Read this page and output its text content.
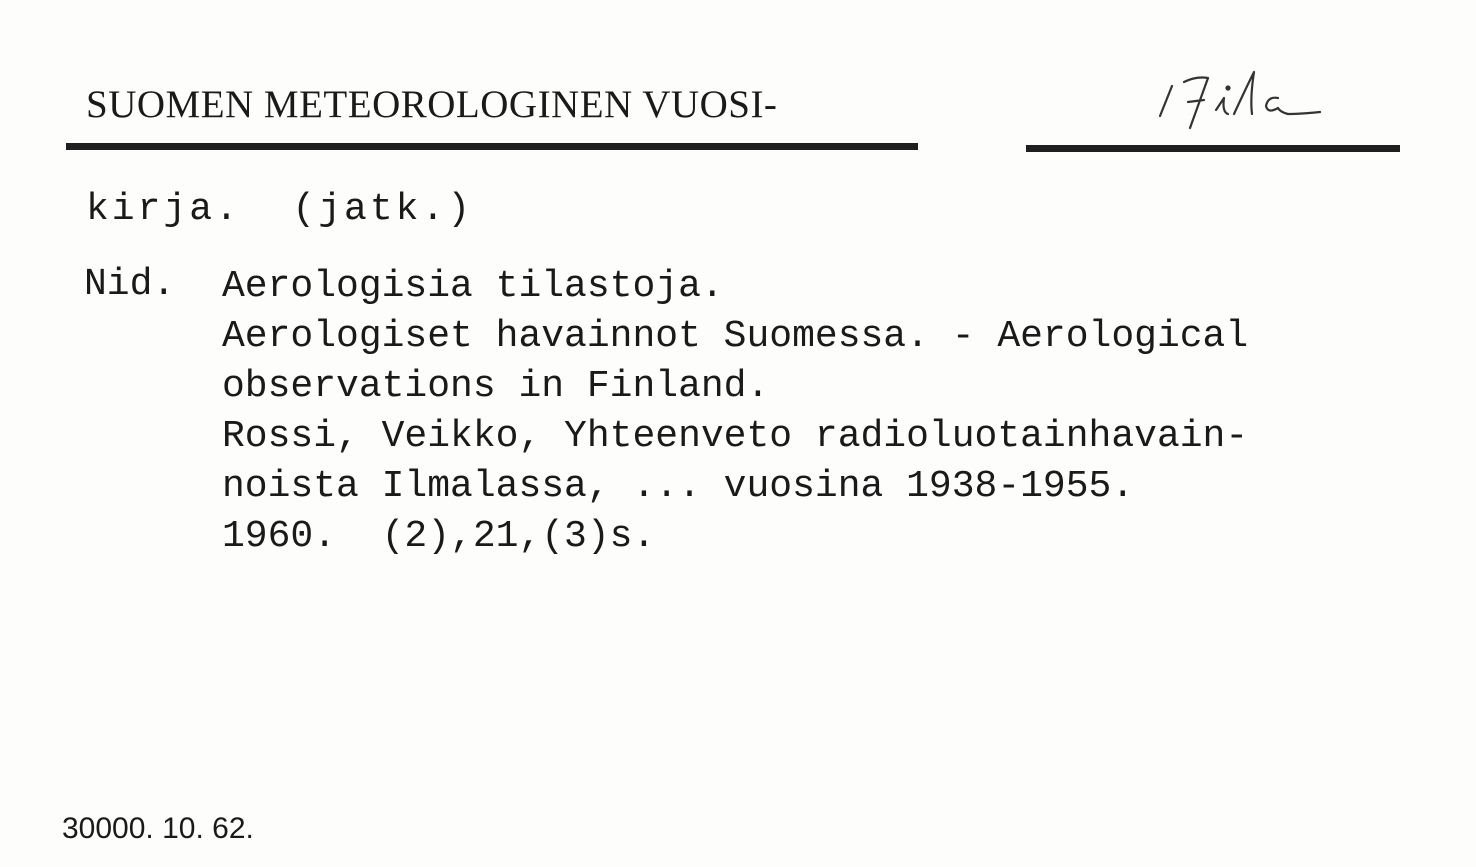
SUOMEN METEOROLOGINEN VUOSI-
kirja.  (jatk.)
Nid. Aerologisia tilastoja.
Aerologiset havainnot Suomessa. - Aerological
observations in Finland.
Rossi, Veikko, Yhteenveto radioluotainhavain-
noista Ilmalassa, ... vuosina 1938-1955.
1960.  (2),21,(3)s.
30000. 10. 62.
